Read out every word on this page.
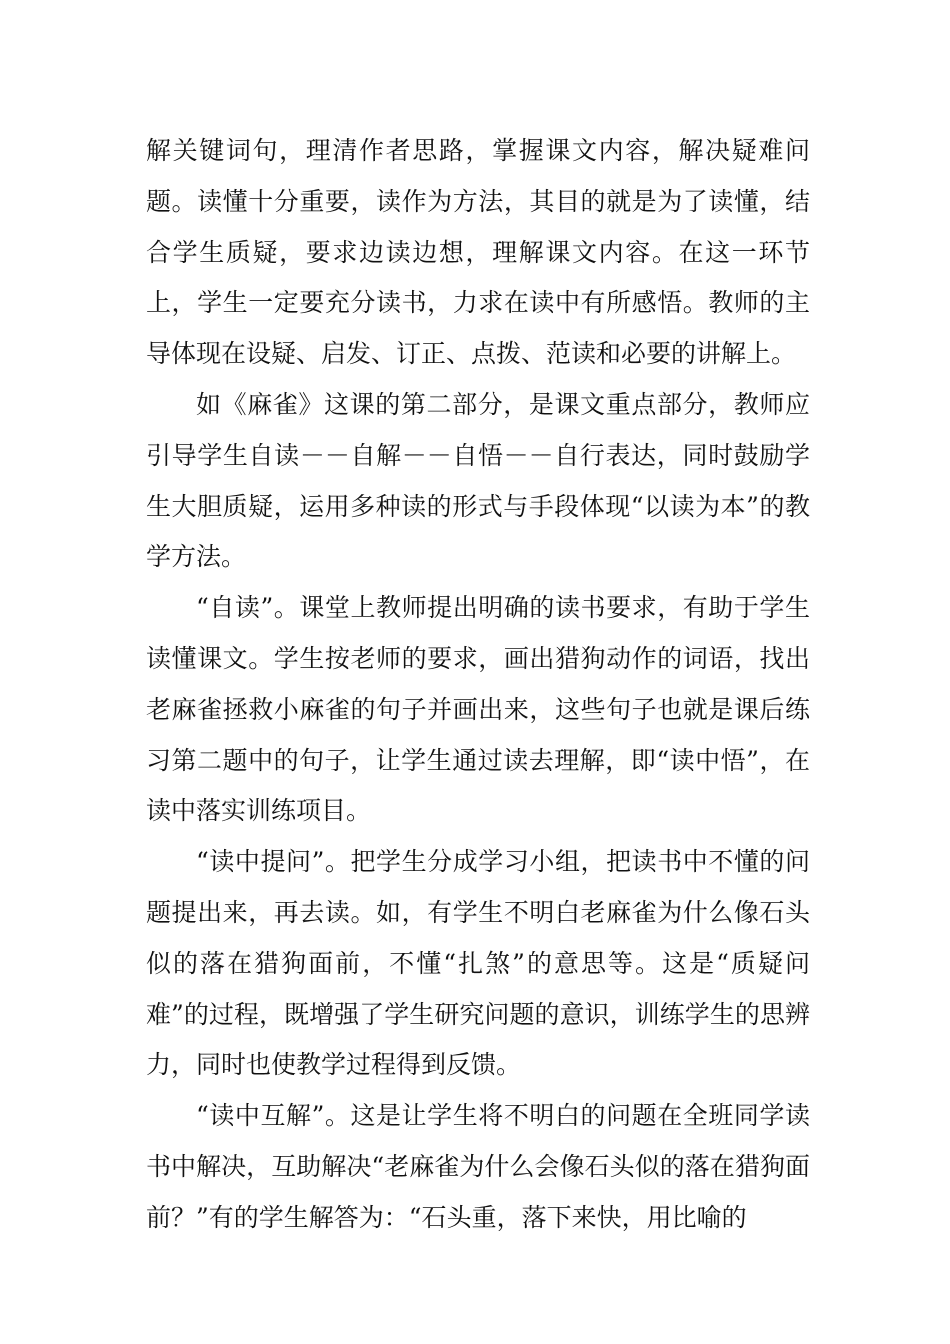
解关键词句，理清作者思路，掌握课文内容，解决疑难问题。读懂十分重要，读作为方法，其目的就是为了读懂，结合学生质疑，要求边读边想，理解课文内容。在这一环节上，学生一定要充分读书，力求在读中有所感悟。教师的主导体现在设疑、启发、订正、点拨、范读和必要的讲解上。

如《麻雀》这课的第二部分，是课文重点部分，教师应引导学生自读－－自解－－自悟－－自行表达，同时鼓励学生大胆质疑，运用多种读的形式与手段体现“以读为本”的教学方法。

“自读”。课堂上教师提出明确的读书要求，有助于学生读懂课文。学生按老师的要求，画出猎狗动作的词语，找出老麻雀拯救小麻雀的句子并画出来，这些句子也就是课后练习第二题中的句子，让学生通过读去理解，即“读中悟”，在读中落实训练项目。

“读中提问”。把学生分成学习小组，把读书中不懂的问题提出来，再去读。如，有学生不明白老麻雀为什么像石头似的落在猎狗面前，不懂“扎煞”的意思等。这是“质疑问难”的过程，既增强了学生研究问题的意识，训练学生的思辨力，同时也使教学过程得到反馈。

“读中互解”。这是让学生将不明白的问题在全班同学读书中解决，互助解决“老麻雀为什么会像石头似的落在猎狗面前？”有的学生解答为：“石头重，落下来快，用比喻的
